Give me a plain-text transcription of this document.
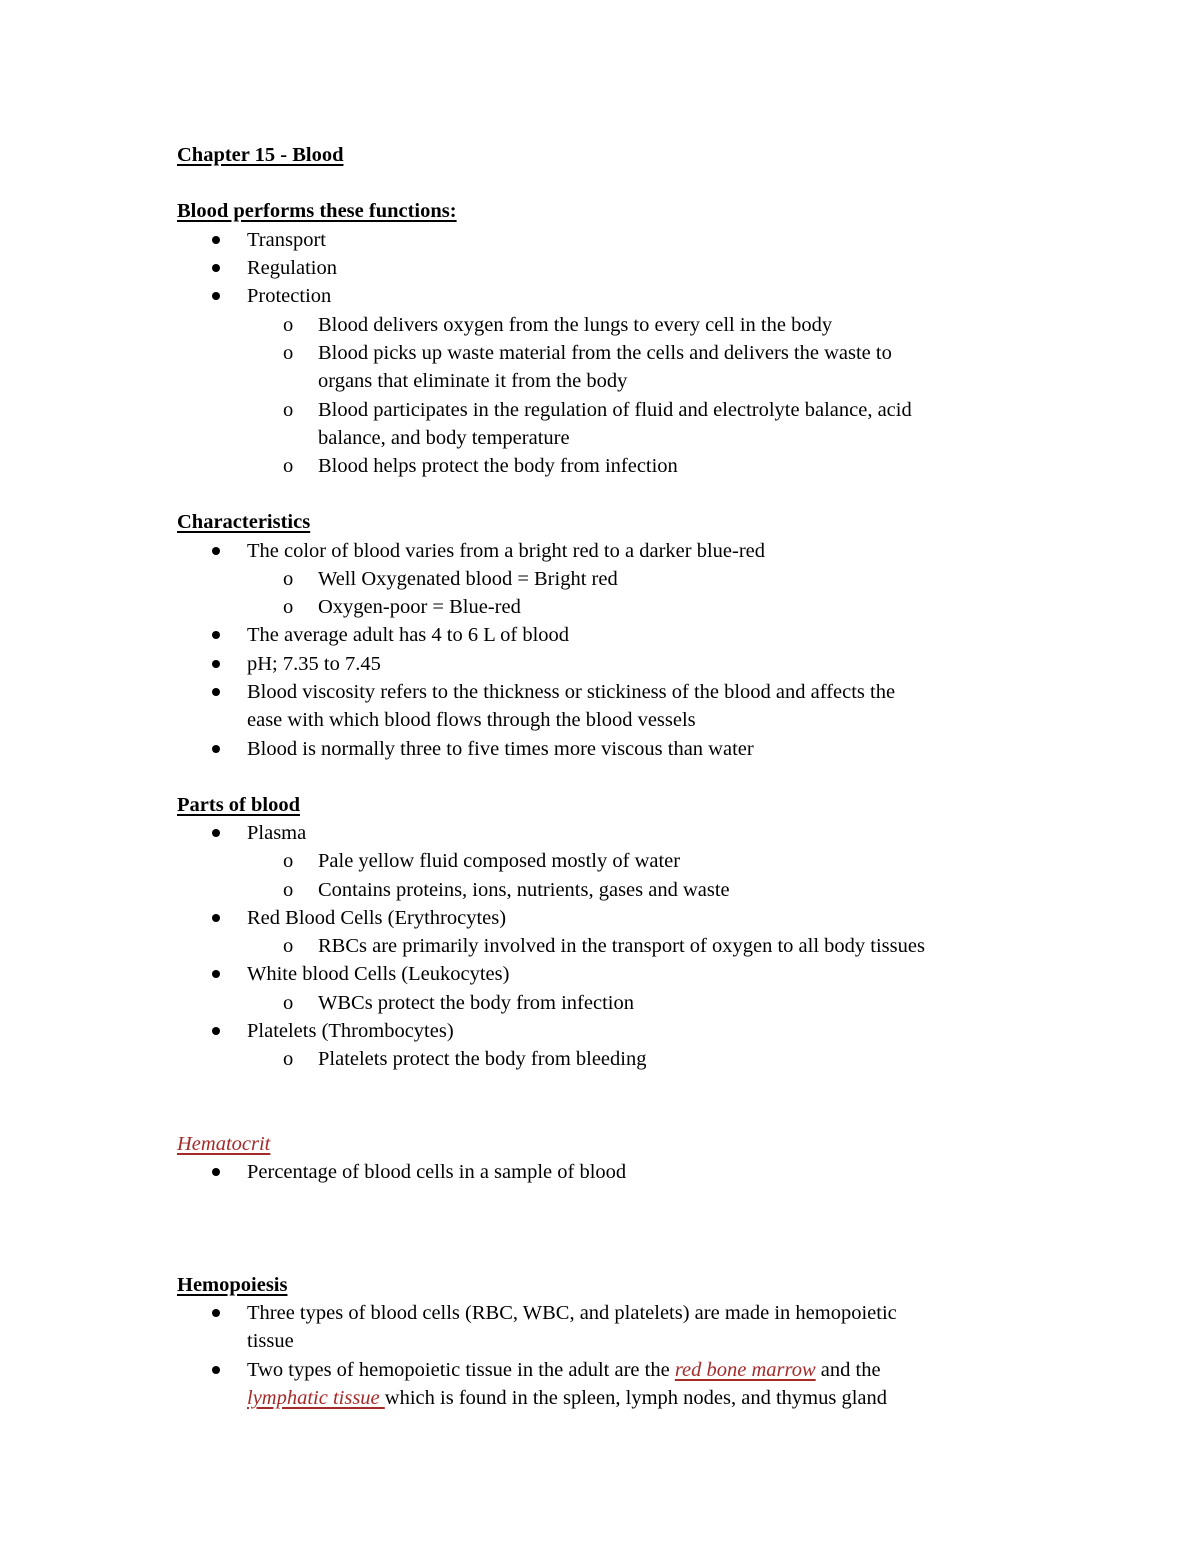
Chapter 15 - Blood
Blood performs these functions:
Transport
Regulation
Protection
o Blood delivers oxygen from the lungs to every cell in the body
o Blood picks up waste material from the cells and delivers the waste to
organs that eliminate it from the body
o Blood participates in the regulation of fluid and electrolyte balance, acid
balance, and body temperature
o Blood helps protect the body from infection
Characteristics
The color of blood varies from a bright red to a darker blue-red
o Well Oxygenated blood = Bright red
o Oxygen-poor = Blue-red
The average adult has 4 to 6 L of blood
pH; 7.35 to 7.45
Blood viscosity refers to the thickness or stickiness of the blood and affects the
ease with which blood flows through the blood vessels
Blood is normally three to five times more viscous than water
Parts of blood
Plasma
o Pale yellow fluid composed mostly of water
o Contains proteins, ions, nutrients, gases and waste
Red Blood Cells (Erythrocytes)
o RBCs are primarily involved in the transport of oxygen to all body tissues
White blood Cells (Leukocytes)
o WBCs protect the body from infection
Platelets (Thrombocytes)
o Platelets protect the body from bleeding
Hematocrit
Percentage of blood cells in a sample of blood
Hemopoiesis
Three types of blood cells (RBC, WBC, and platelets) are made in hemopoietic
tissue
Two types of hemopoietic tissue in the adult are the red bone marrow and the
lymphatic tissue which is found in the spleen, lymph nodes, and thymus gland
